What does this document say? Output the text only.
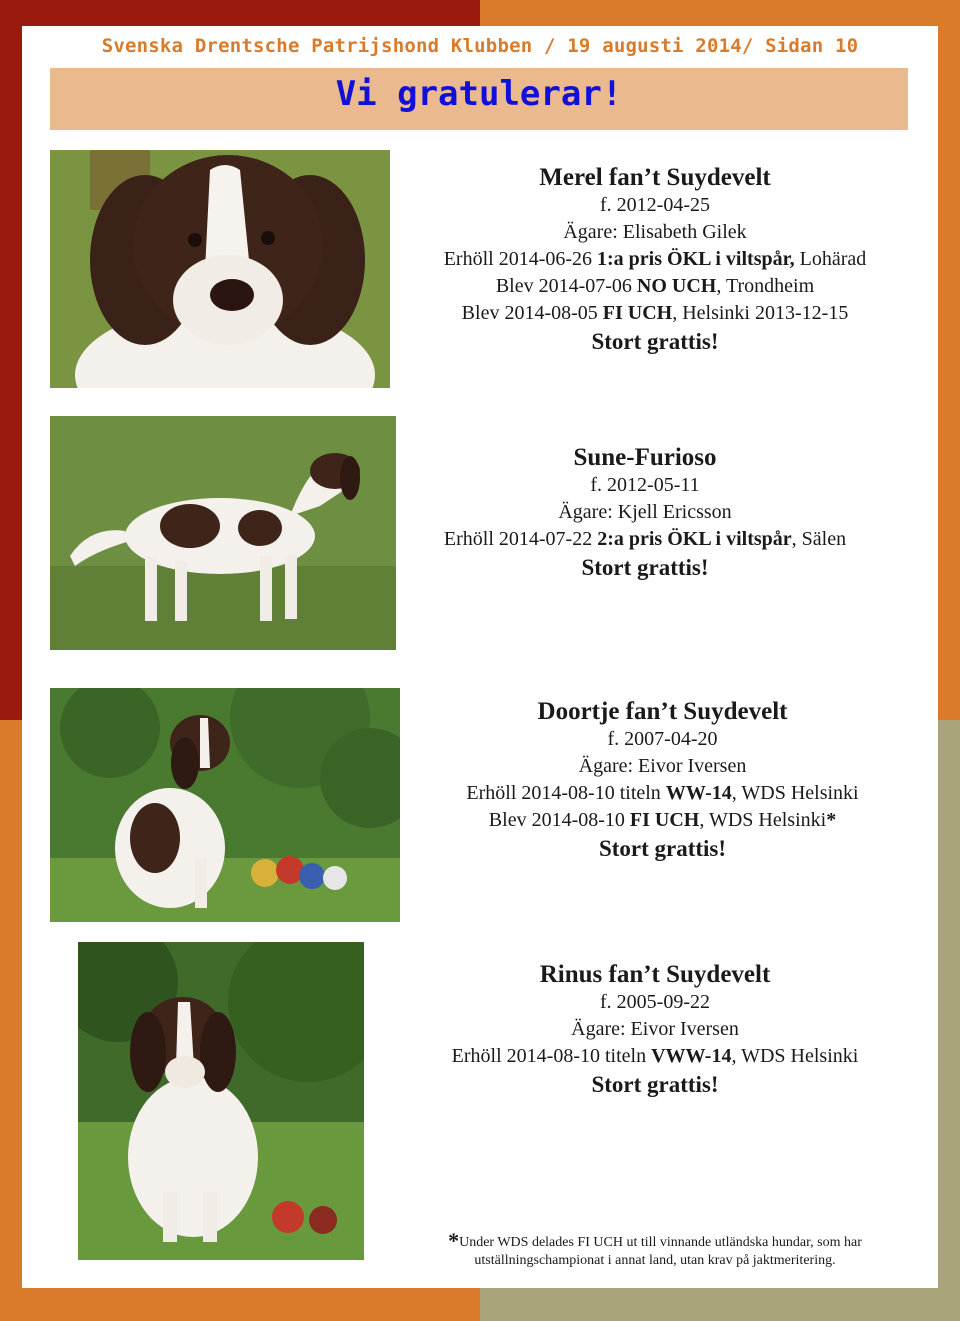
Svenska Drentsche Patrijshond Klubben / 19 augusti 2014/ Sidan 10
Vi gratulerar!
Merel fan’t Suydevelt
f. 2012-04-25
Ägare: Elisabeth Gilek
Erhöll 2014-06-26 1:a pris ÖKL i viltspår, Lohärad
Blev 2014-07-06 NO UCH, Trondheim
Blev 2014-08-05 FI UCH, Helsinki 2013-12-15
Stort grattis!
Sune-Furioso
f. 2012-05-11
Ägare: Kjell Ericsson
Erhöll 2014-07-22 2:a pris ÖKL i viltspår, Sälen
Stort grattis!
Doortje fan’t Suydevelt
f. 2007-04-20
Ägare: Eivor Iversen
Erhöll 2014-08-10 titeln WW-14, WDS Helsinki
Blev 2014-08-10 FI UCH, WDS Helsinki*
Stort grattis!
Rinus fan’t Suydevelt
f. 2005-09-22
Ägare: Eivor Iversen
Erhöll 2014-08-10 titeln VWW-14, WDS Helsinki
Stort grattis!
*Under WDS delades FI UCH ut till vinnande utländska hundar, som har
utställningschampionat i annat land, utan krav på jaktmeritering.
